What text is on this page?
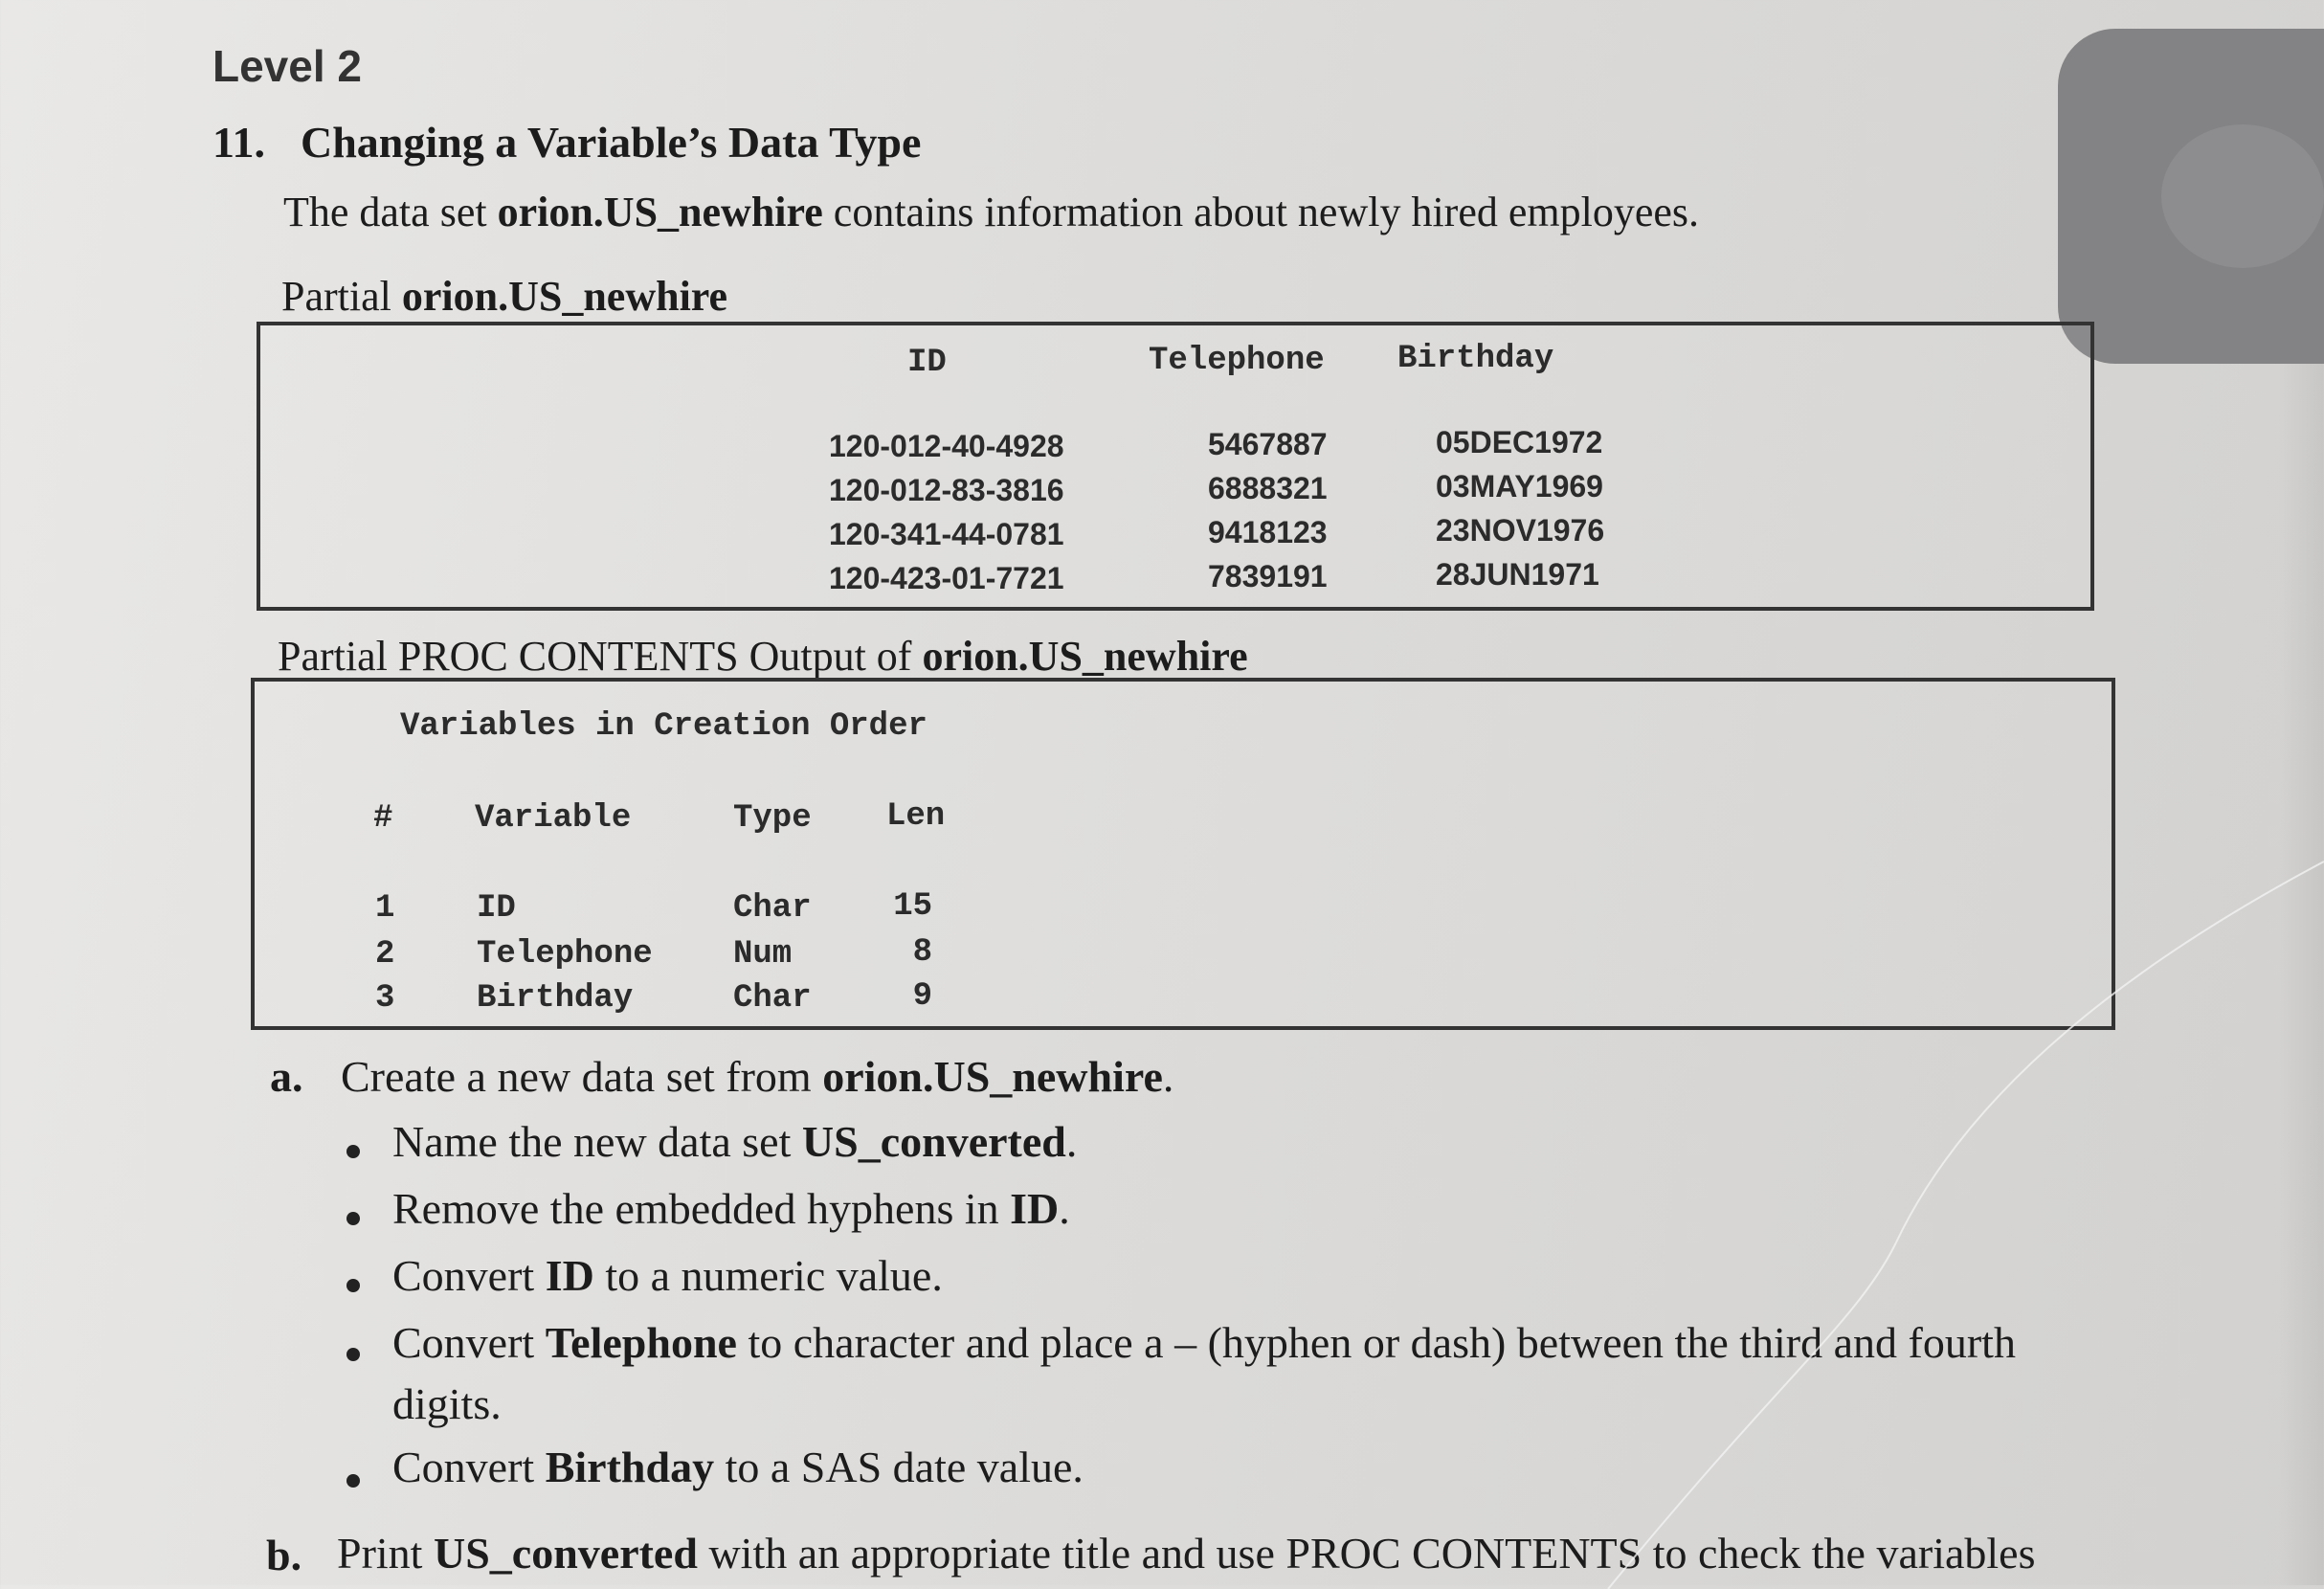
Level 2
11. Changing a Variable’s Data Type
The data set orion.US_newhire contains information about newly hired employees.
Partial orion.US_newhire
ID	Telephone Birthday
120-012-40-4928	5467887	05DEC1972
120-012-83-3816	6888321	03MAY1969
120-341-44-0781	9418123	23NOV1976
120-423-01-7721	7839191	28JUN1971
Partial PROC CONTENTS Output of orion.US_newhire
Variables in Creation Order
#	Variable	Type Len
1	ID	Char	15
2	Telephone Num	8
3	Birthday	Char	9
a. Create a new data set from orion.US_newhire.
Name the new data set US_converted.
Remove the embedded hyphens in ID.
Convert ID to a numeric value.
Convert Telephone to character and place a – (hyphen or dash) between the third and fourth
digits.
Convert Birthday to a SAS date value.
b. Print US_converted with an appropriate title and use PROC CONTENTS to check the variables
